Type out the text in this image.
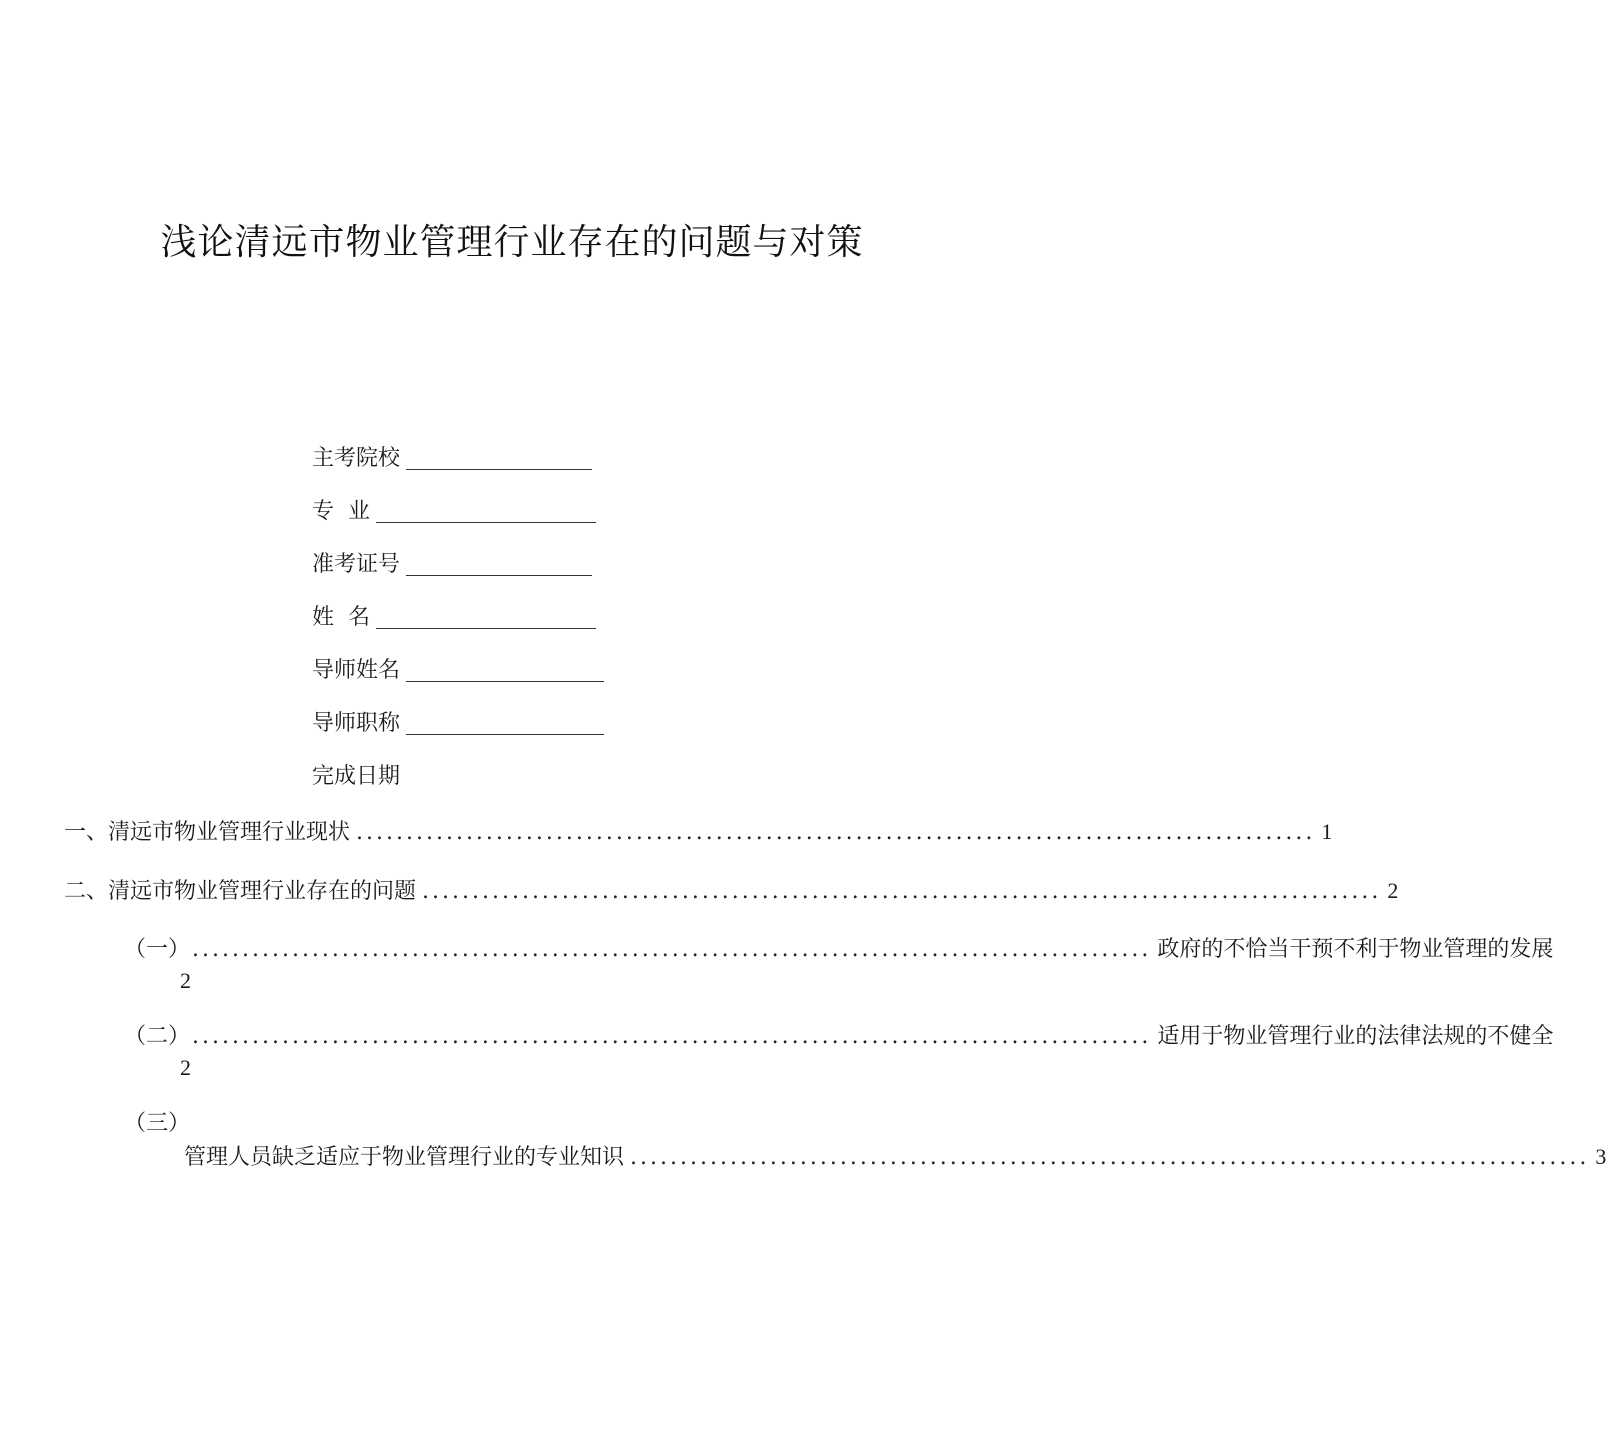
浅论清远市物业管理行业存在的问题与对策
主考院校
专  业
准考证号
姓  名
导师姓名
导师职称
完成日期
一、清远市物业管理行业现状 ................................................................................................ 1
二、清远市物业管理行业存在的问题 ................................................................................................ 2
（一） ................................................................................................ 政府的不恰当干预不利于物业管理的发展
2
（二） ................................................................................................ 适用于物业管理行业的法律法规的不健全
2
（三）
管理人员缺乏适应于物业管理行业的专业知识 ................................................................................................ 3
